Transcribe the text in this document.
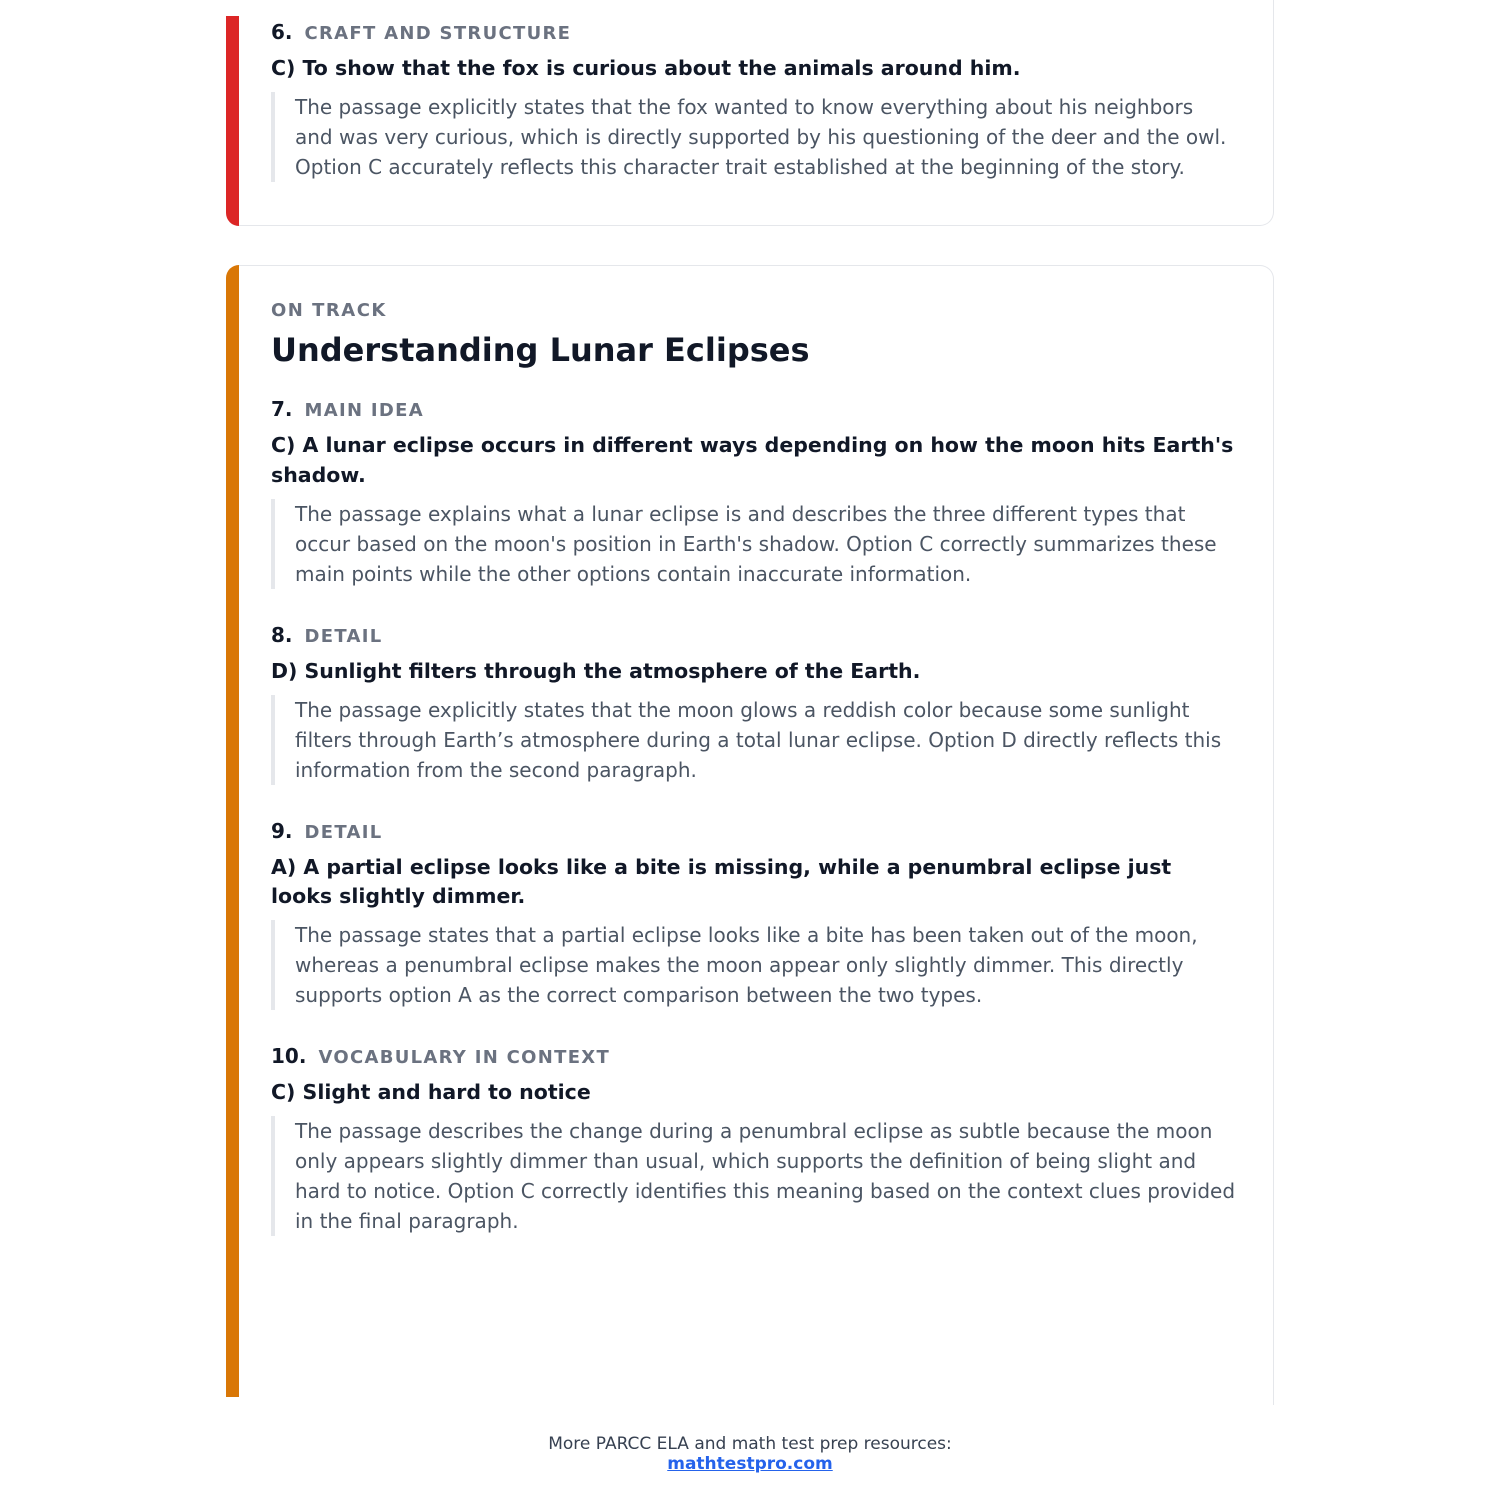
6. CRAFT AND STRUCTURE
C) To show that the fox is curious about the animals around him.
The passage explicitly states that the fox wanted to know everything about his neighbors and was very curious, which is directly supported by his questioning of the deer and the owl. Option C accurately reflects this character trait established at the beginning of the story.
ON TRACK
Understanding Lunar Eclipses
7. MAIN IDEA
C) A lunar eclipse occurs in different ways depending on how the moon hits Earth's shadow.
The passage explains what a lunar eclipse is and describes the three different types that occur based on the moon's position in Earth's shadow. Option C correctly summarizes these main points while the other options contain inaccurate information.
8. DETAIL
D) Sunlight filters through the atmosphere of the Earth.
The passage explicitly states that the moon glows a reddish color because some sunlight filters through Earth’s atmosphere during a total lunar eclipse. Option D directly reflects this information from the second paragraph.
9. DETAIL
A) A partial eclipse looks like a bite is missing, while a penumbral eclipse just looks slightly dimmer.
The passage states that a partial eclipse looks like a bite has been taken out of the moon, whereas a penumbral eclipse makes the moon appear only slightly dimmer. This directly supports option A as the correct comparison between the two types.
10. VOCABULARY IN CONTEXT
C) Slight and hard to notice
The passage describes the change during a penumbral eclipse as subtle because the moon only appears slightly dimmer than usual, which supports the definition of being slight and hard to notice. Option C correctly identifies this meaning based on the context clues provided in the final paragraph.
More PARCC ELA and math test prep resources:
mathtestpro.com
